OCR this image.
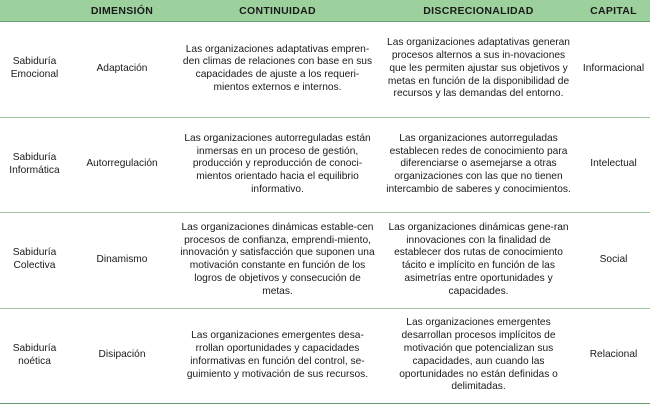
	DIMENSIÓN	CONTINUIDAD	DISCRECIONALIDAD	CAPITAL
Sabiduría Emocional	Adaptación	Las organizaciones adaptativas empren-den climas de relaciones con base en sus capacidades de ajuste a los requeri-mientos externos e internos.	Las organizaciones adaptativas generan procesos alternos a sus in-novaciones que les permiten ajustar sus objetivos y metas en función de la disponibilidad de recursos y las demandas del entorno.	Informacional
Sabiduría Informática	Autorregulación	Las organizaciones autorreguladas están inmersas en un proceso de gestión, producción y reproducción de conoci-mientos orientado hacia el equilibrio informativo.	Las organizaciones autorreguladas establecen redes de conocimiento para diferenciarse o asemejarse a otras organizaciones con las que no tienen intercambio de saberes y conocimientos.	Intelectual
Sabiduría Colectiva	Dinamismo	Las organizaciones dinámicas estable-cen procesos de confianza, emprendi-miento, innovación y satisfacción que suponen una motivación constante en función de los logros de objetivos y consecución de metas.	Las organizaciones dinámicas gene-ran innovaciones con la finalidad de establecer dos rutas de conocimiento tácito e implícito en función de las asimetrías entre oportunidades y capacidades.	Social
Sabiduría noética	Disipación	Las organizaciones emergentes desa-rrollan oportunidades y capacidades informativas en función del control, se-guimiento y motivación de sus recursos.	Las organizaciones emergentes desarrollan procesos implícitos de motivación que potencializan sus capacidades, aun cuando las oportunidades no están definidas o delimitadas.	Relacional
